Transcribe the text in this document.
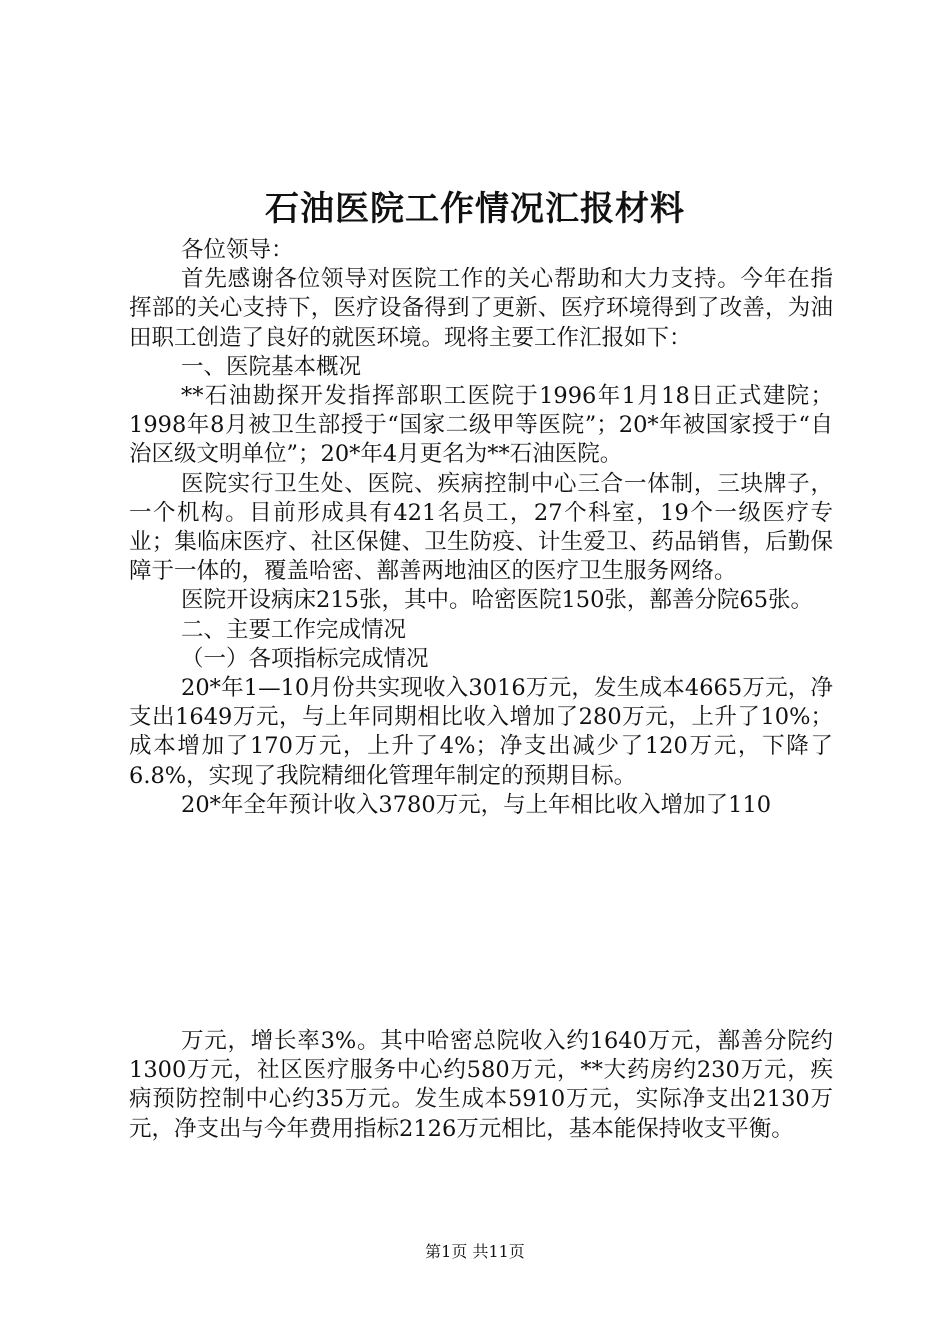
石油医院工作情况汇报材料

各位领导：

首先感谢各位领导对医院工作的关心帮助和大力支持。今年在指挥部的关心支持下，医疗设备得到了更新、医疗环境得到了改善，为油田职工创造了良好的就医环境。现将主要工作汇报如下：

一、医院基本概况

**石油勘探开发指挥部职工医院于1996年1月18日正式建院；1998年8月被卫生部授于“国家二级甲等医院”；20*年被国家授于“自治区级文明单位”；20*年4月更名为**石油医院。

医院实行卫生处、医院、疾病控制中心三合一体制，三块牌子，一个机构。目前形成具有421名员工，27个科室，19个一级医疗专业；集临床医疗、社区保健、卫生防疫、计生爱卫、药品销售，后勤保障于一体的，覆盖哈密、鄯善两地油区的医疗卫生服务网络。

医院开设病床215张，其中。哈密医院150张，鄯善分院65张。

二、主要工作完成情况

（一）各项指标完成情况

20*年1—10月份共实现收入3016万元，发生成本4665万元，净支出1649万元，与上年同期相比收入增加了280万元，上升了10%；成本增加了170万元，上升了4%；净支出减少了120万元，下降了6.8%，实现了我院精细化管理年制定的预期目标。

20*年全年预计收入3780万元，与上年相比收入增加了110

万元，增长率3%。其中哈密总院收入约1640万元，鄯善分院约1300万元，社区医疗服务中心约580万元，**大药房约230万元，疾病预防控制中心约35万元。发生成本5910万元，实际净支出2130万元，净支出与今年费用指标2126万元相比，基本能保持收支平衡。

第1页 共11页
